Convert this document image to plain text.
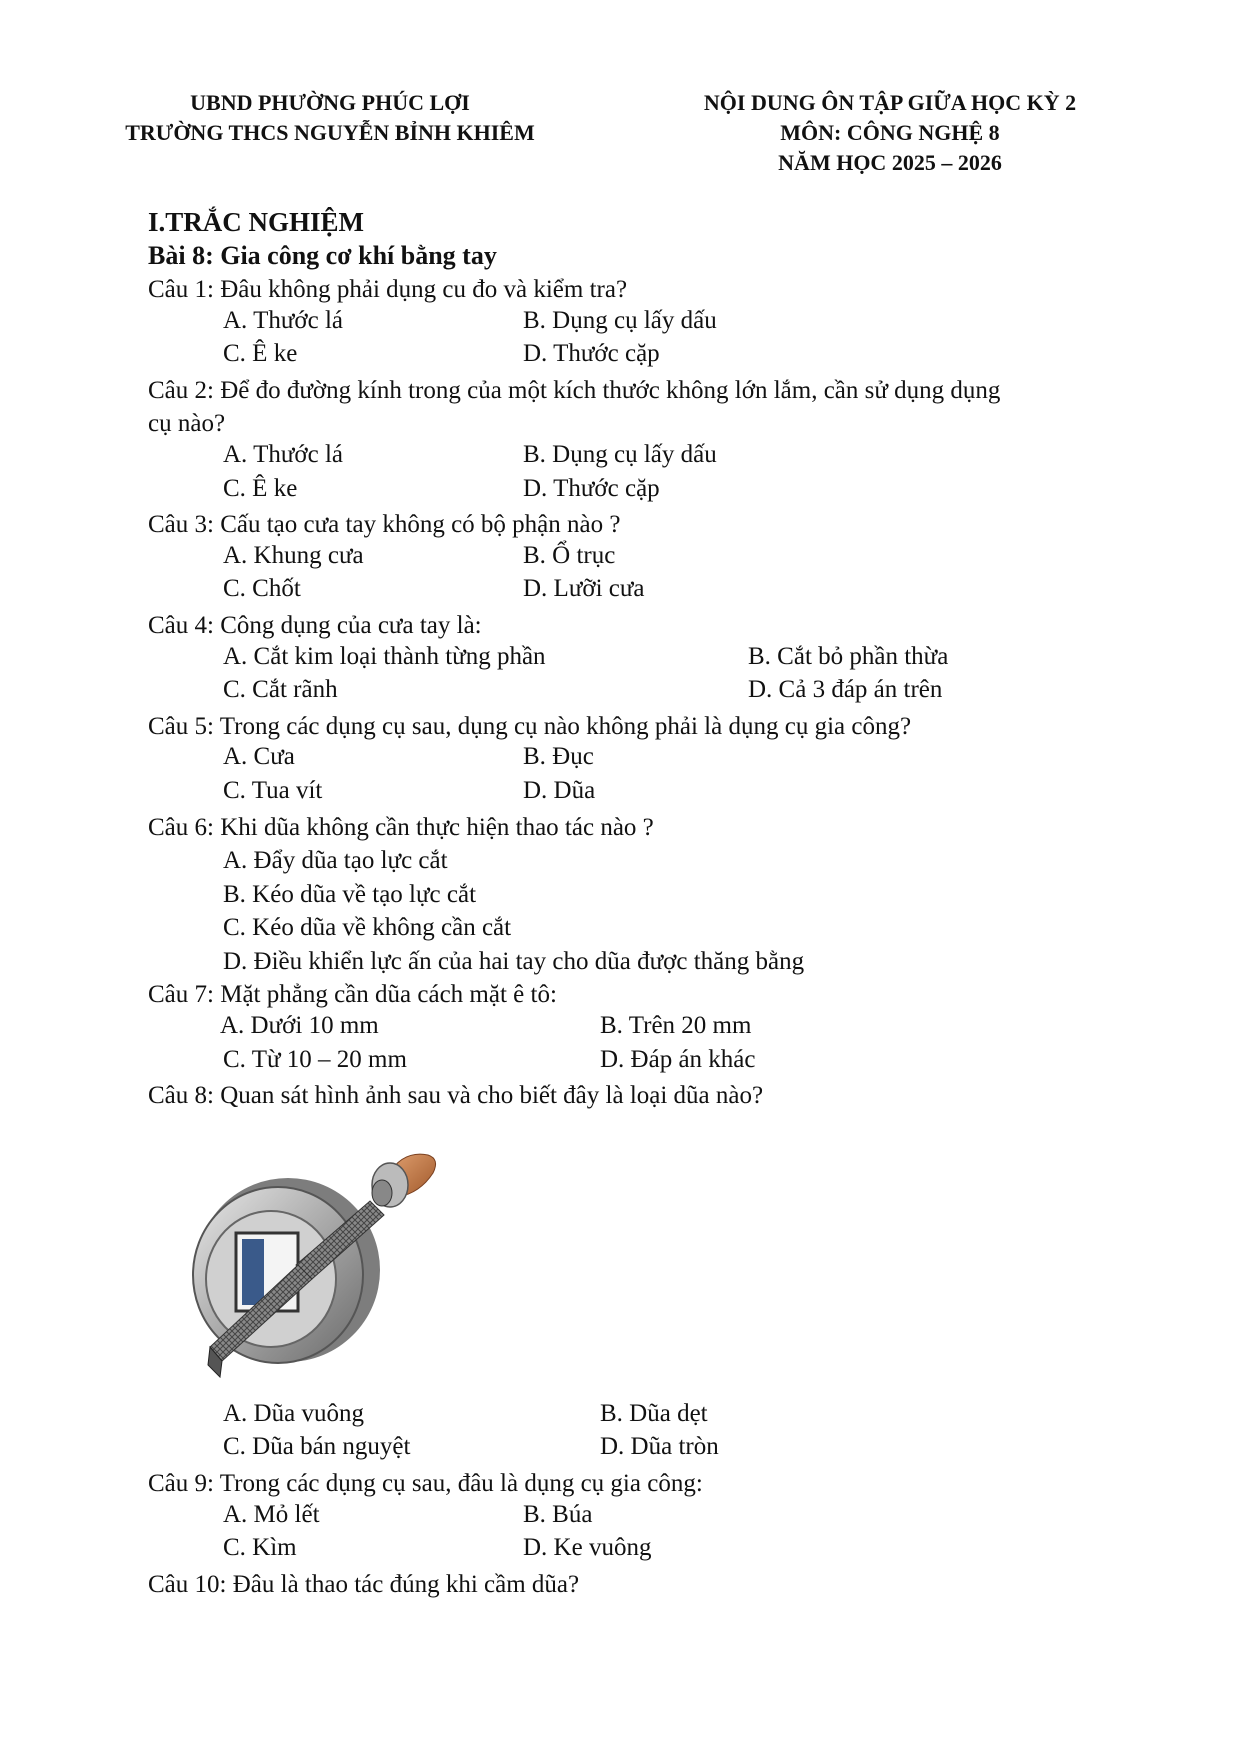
UBND PHƯỜNG PHÚC LỢI
TRƯỜNG THCS NGUYỄN BỈNH KHIÊM
NỘI DUNG ÔN TẬP GIỮA HỌC KỲ 2
MÔN: CÔNG NGHỆ 8
NĂM HỌC 2025 – 2026
I.TRẮC NGHIỆM
Bài 8: Gia công cơ khí bằng tay
Câu 1: Đâu không phải dụng cu đo và kiểm tra?
A. Thước lá	B. Dụng cụ lấy dấu
C. Ê ke	D. Thước cặp
Câu 2: Để đo đường kính trong của một kích thước không lớn lắm, cần sử dụng dụng
cụ nào?
A. Thước lá	B. Dụng cụ lấy dấu
C. Ê ke	D. Thước cặp
Câu 3: Cấu tạo cưa tay không có bộ phận nào ?
A. Khung cưa	B. Ổ trục
C. Chốt	D. Lưỡi cưa
Câu 4: Công dụng của cưa tay là:
A. Cắt kim loại thành từng phần	B. Cắt bỏ phần thừa
C. Cắt rãnh	D. Cả 3 đáp án trên
Câu 5: Trong các dụng cụ sau, dụng cụ nào không phải là dụng cụ gia công?
A. Cưa	B. Đục
C. Tua vít	D. Dũa
Câu 6: Khi dũa không cần thực hiện thao tác nào ?
A. Đẩy dũa tạo lực cắt
B. Kéo dũa về tạo lực cắt
C. Kéo dũa về không cần cắt
D. Điều khiển lực ấn của hai tay cho dũa được thăng bằng
Câu 7: Mặt phẳng cần dũa cách mặt ê tô:
A. Dưới 10 mm	B. Trên 20 mm
C. Từ 10 – 20 mm	D. Đáp án khác
Câu 8: Quan sát hình ảnh sau và cho biết đây là loại dũa nào?
A. Dũa vuông	B. Dũa dẹt
C. Dũa bán nguyệt	D. Dũa tròn
Câu 9: Trong các dụng cụ sau, đâu là dụng cụ gia công:
A. Mỏ lết	B. Búa
C. Kìm	D. Ke vuông
Câu 10: Đâu là thao tác đúng khi cầm dũa?
